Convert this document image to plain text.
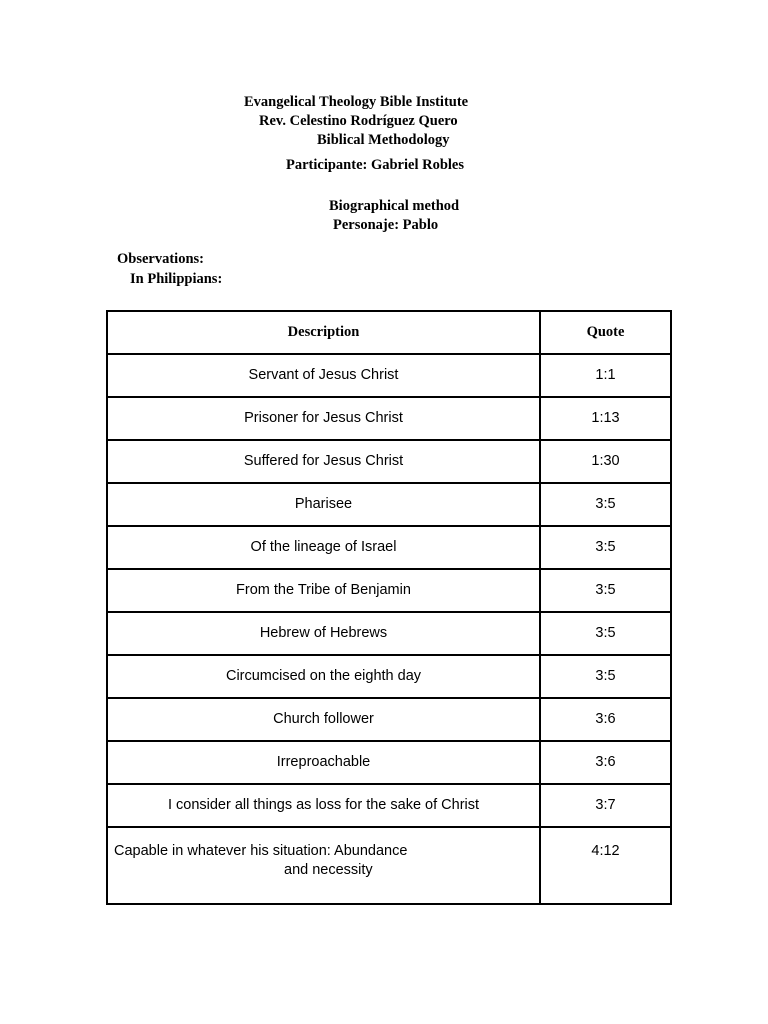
Evangelical Theology Bible Institute
Rev. Celestino Rodríguez Quero
Biblical Methodology
Participante: Gabriel Robles
Biographical method
Personaje: Pablo
Observations:
In Philippians:
Description	Quote
Servant of Jesus Christ	1:1
Prisoner for Jesus Christ	1:13
Suffered for Jesus Christ	1:30
Pharisee	3:5
Of the lineage of Israel	3:5
From the Tribe of Benjamin	3:5
Hebrew of Hebrews	3:5
Circumcised on the eighth day	3:5
Church follower	3:6
Irreproachable	3:6
I consider all things as loss for the sake of Christ	3:7
Capable in whatever his situation: Abundance
and necessity	4:12
